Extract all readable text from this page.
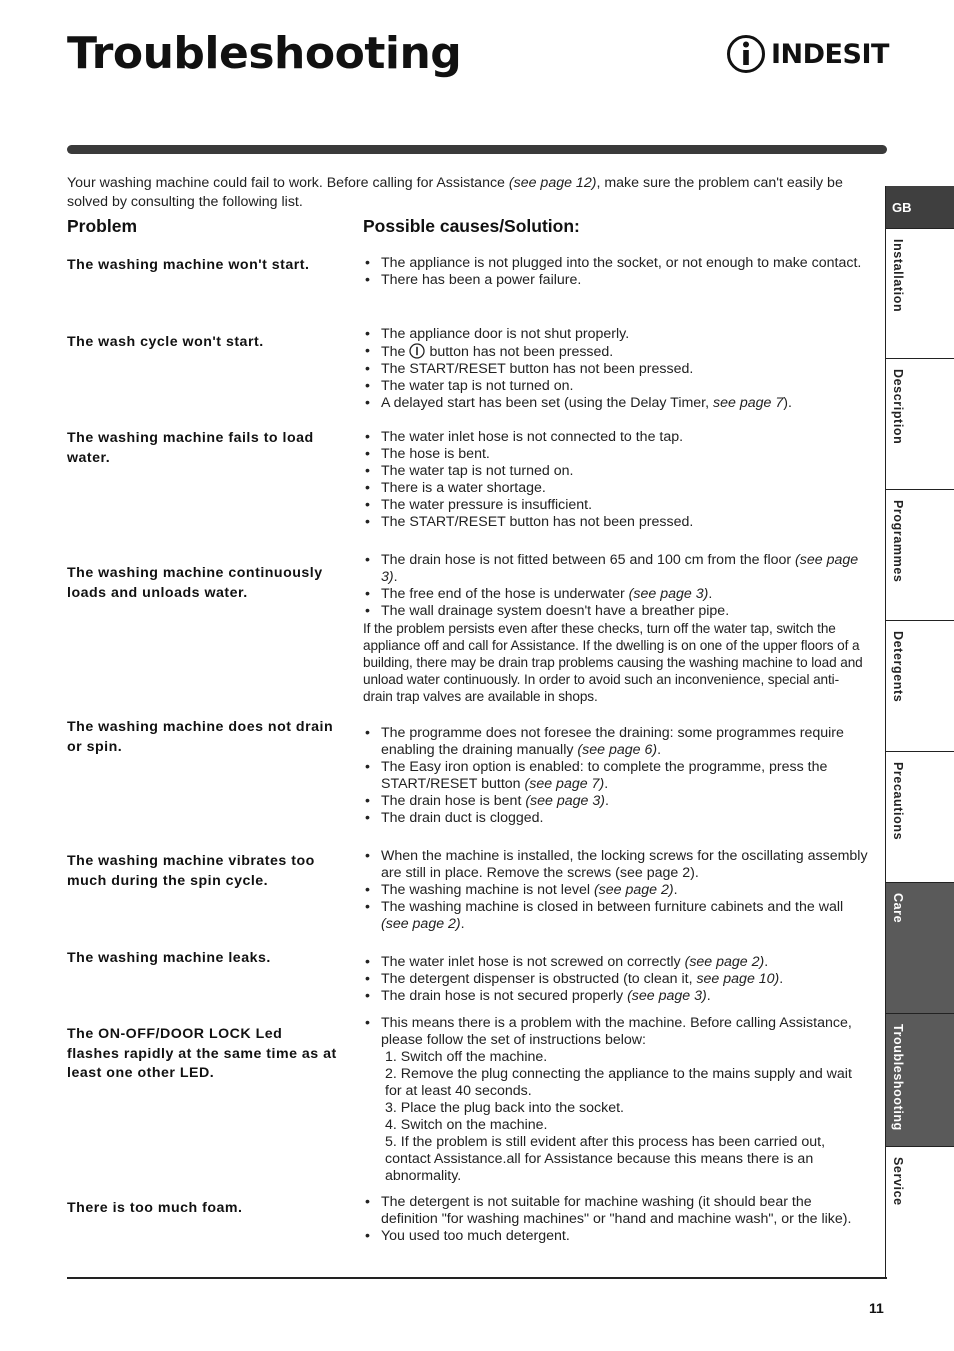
Troubleshooting	INDESIT

Your washing machine could fail to work. Before calling for Assistance (see page 12), make sure the problem can't easily be solved by consulting the following list.

Problem	Possible causes/Solution:
The washing machine won't start.	• The appliance is not plugged into the socket, or not enough to make contact.
• There has been a power failure.
The wash cycle won't start.	• The appliance door is not shut properly.
• The button has not been pressed.
• The START/RESET button has not been pressed.
• The water tap is not turned on.
• A delayed start has been set (using the Delay Timer, see page 7).
The washing machine fails to load water.
• The water inlet hose is not connected to the tap.
• The hose is bent.
• The water tap is not turned on.
• There is a water shortage.
• The water pressure is insufficient.
• The START/RESET button has not been pressed.
The washing machine continuously loads and unloads water.
• The drain hose is not fitted between 65 and 100 cm from the floor (see page 3).
• The free end of the hose is underwater (see page 3).
• The wall drainage system doesn't have a breather pipe.
If the problem persists even after these checks, turn off the water tap, switch the appliance off and call for Assistance. If the dwelling is on one of the upper floors of a building, there may be drain trap problems causing the washing machine to load and unload water continuously. In order to avoid such an inconvenience, special anti-drain trap valves are available in shops.
The washing machine does not drain or spin.
• The programme does not foresee the draining: some programmes require enabling the draining manually (see page 6).
• The Easy iron option is enabled: to complete the programme, press the START/RESET button (see page 7).
• The drain hose is bent (see page 3).
• The drain duct is clogged.
The washing machine vibrates too much during the spin cycle.
• When the machine is installed, the locking screws for the oscillating assembly are still in place. Remove the screws (see page 2).
• The washing machine is not level (see page 2).
• The washing machine is closed in between furniture cabinets and the wall (see page 2).
The washing machine leaks.	• The water inlet hose is not screwed on correctly (see page 2).
• The detergent dispenser is obstructed (to clean it, see page 10).
• The drain hose is not secured properly (see page 3).
The ON-OFF/DOOR LOCK Led flashes rapidly at the same time as at least one other LED.
• This means there is a problem with the machine. Before calling Assistance, please follow the set of instructions below:
1. Switch off the machine.
2. Remove the plug connecting the appliance to the mains supply and wait for at least 40 seconds.
3. Place the plug back into the socket.
4. Switch on the machine.
5. If the problem is still evident after this process has been carried out, contact Assistance.all for Assistance because this means there is an abnormality.
There is too much foam.	• The detergent is not suitable for machine washing (it should bear the definition "for washing machines" or "hand and machine wash", or the like).
• You used too much detergent.
11
GB
Installation
Description
Programmes
Detergents
Precautions
Care
Troubleshooting
Service
